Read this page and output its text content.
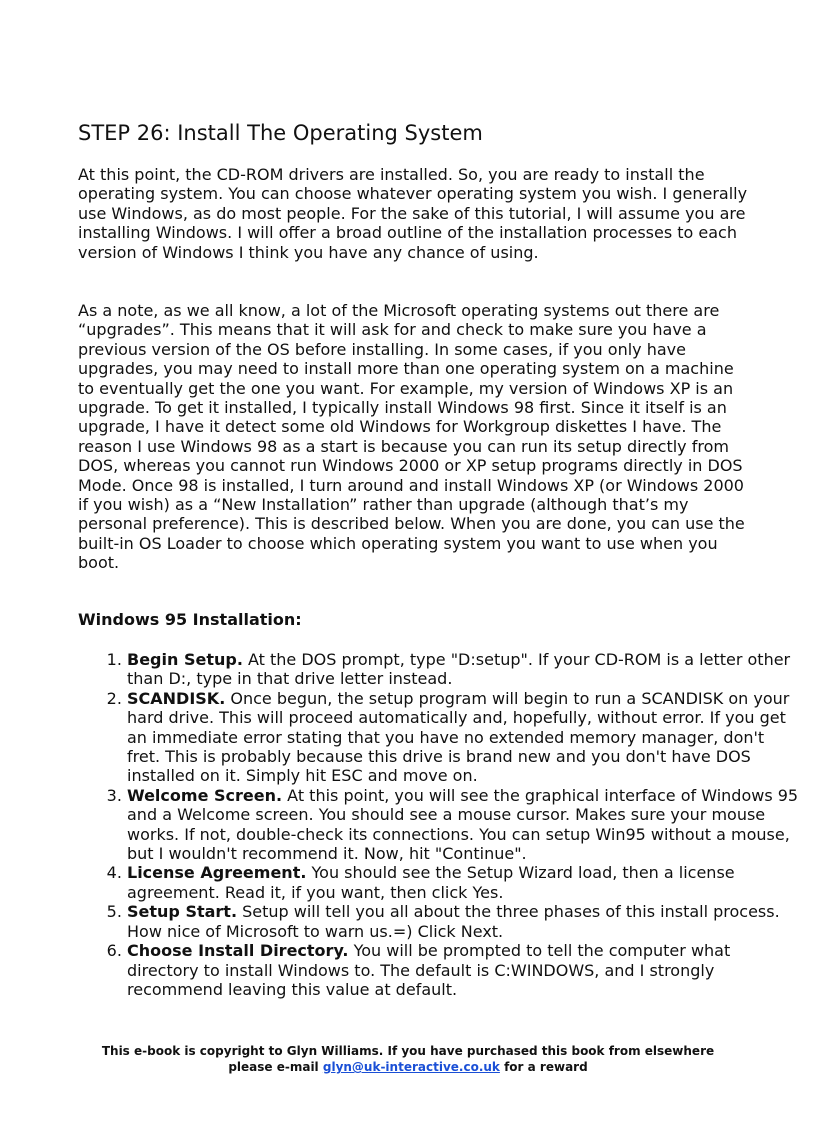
STEP 26: Install The Operating System

At this point, the CD-ROM drivers are installed. So, you are ready to install the operating system. You can choose whatever operating system you wish. I generally use Windows, as do most people. For the sake of this tutorial, I will assume you are installing Windows. I will offer a broad outline of the installation processes to each version of Windows I think you have any chance of using.

As a note, as we all know, a lot of the Microsoft operating systems out there are “upgrades”. This means that it will ask for and check to make sure you have a previous version of the OS before installing. In some cases, if you only have upgrades, you may need to install more than one operating system on a machine to eventually get the one you want. For example, my version of Windows XP is an upgrade. To get it installed, I typically install Windows 98 first. Since it itself is an upgrade, I have it detect some old Windows for Workgroup diskettes I have. The reason I use Windows 98 as a start is because you can run its setup directly from DOS, whereas you cannot run Windows 2000 or XP setup programs directly in DOS Mode. Once 98 is installed, I turn around and install Windows XP (or Windows 2000 if you wish) as a “New Installation” rather than upgrade (although that’s my personal preference). This is described below. When you are done, you can use the built-in OS Loader to choose which operating system you want to use when you boot.

Windows 95 Installation:

1. Begin Setup. At the DOS prompt, type "D:setup". If your CD-ROM is a letter other than D:, type in that drive letter instead.
2. SCANDISK. Once begun, the setup program will begin to run a SCANDISK on your hard drive. This will proceed automatically and, hopefully, without error. If you get an immediate error stating that you have no extended memory manager, don't fret. This is probably because this drive is brand new and you don't have DOS installed on it. Simply hit ESC and move on.
3. Welcome Screen. At this point, you will see the graphical interface of Windows 95 and a Welcome screen. You should see a mouse cursor. Makes sure your mouse works. If not, double-check its connections. You can setup Win95 without a mouse, but I wouldn't recommend it. Now, hit "Continue".
4. License Agreement. You should see the Setup Wizard load, then a license agreement. Read it, if you want, then click Yes.
5. Setup Start. Setup will tell you all about the three phases of this install process. How nice of Microsoft to warn us.=) Click Next.
6. Choose Install Directory. You will be prompted to tell the computer what directory to install Windows to. The default is C:WINDOWS, and I strongly recommend leaving this value at default.
This e-book is copyright to Glyn Williams. If you have purchased this book from elsewhere please e-mail glyn@uk-interactive.co.uk for a reward
